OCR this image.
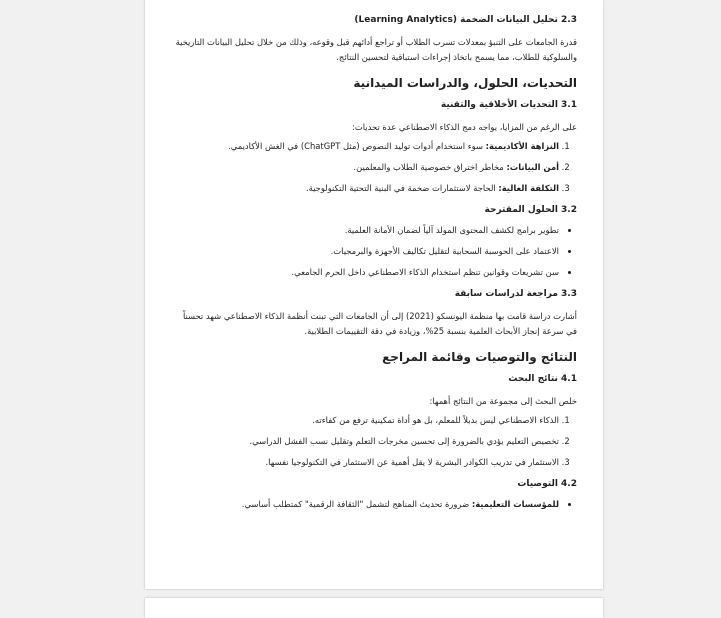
2.3 تحليل البيانات الضخمة (Learning Analytics)
قدرة الجامعات على التنبؤ بمعدلات تسرب الطلاب أو تراجع أدائهم قبل وقوعه، وذلك من خلال تحليل البيانات التاريخية والسلوكية للطلاب، مما يسمح باتخاذ إجراءات استباقية لتحسين النتائج.
التحديات، الحلول، والدراسات الميدانية
3.1 التحديات الأخلاقية والتقنية
على الرغم من المزايا، يواجه دمج الذكاء الاصطناعي عدة تحديات:
1. النزاهة الأكاديمية: سوء استخدام أدوات توليد النصوص (مثل ChatGPT) في الغش الأكاديمي.
2. أمن البيانات: مخاطر اختراق خصوصية الطلاب والمعلمين.
3. التكلفة العالية: الحاجة لاستثمارات ضخمة في البنية التحتية التكنولوجية.
3.2 الحلول المقترحة
• تطوير برامج لكشف المحتوى المولد آلياً لضمان الأمانة العلمية.
• الاعتماد على الحوسبة السحابية لتقليل تكاليف الأجهزة والبرمجيات.
• سن تشريعات وقوانين تنظم استخدام الذكاء الاصطناعي داخل الحرم الجامعي.
3.3 مراجعة لدراسات سابقة
أشارت دراسة قامت بها منظمة اليونسكو (2021) إلى أن الجامعات التي تبنت أنظمة الذكاء الاصطناعي شهد تحسناً في سرعة إنجاز الأبحاث العلمية بنسبة 25%، وزيادة في دقة التقييمات الطلابية.
النتائج والتوصيات وقائمة المراجع
4.1 نتائج البحث
خلص البحث إلى مجموعة من النتائج أهمها:
1. الذكاء الاصطناعي ليس بديلاً للمعلم، بل هو أداة تمكينية ترفع من كفاءته.
2. تخصيص التعليم يؤدي بالضرورة إلى تحسين مخرجات التعلم وتقليل نسب الفشل الدراسي.
3. الاستثمار في تدريب الكوادر البشرية لا يقل أهمية عن الاستثمار في التكنولوجيا نفسها.
4.2 التوصيات
• للمؤسسات التعليمية: ضرورة تحديث المناهج لتشمل "الثقافة الرقمية" كمتطلب أساسي.
